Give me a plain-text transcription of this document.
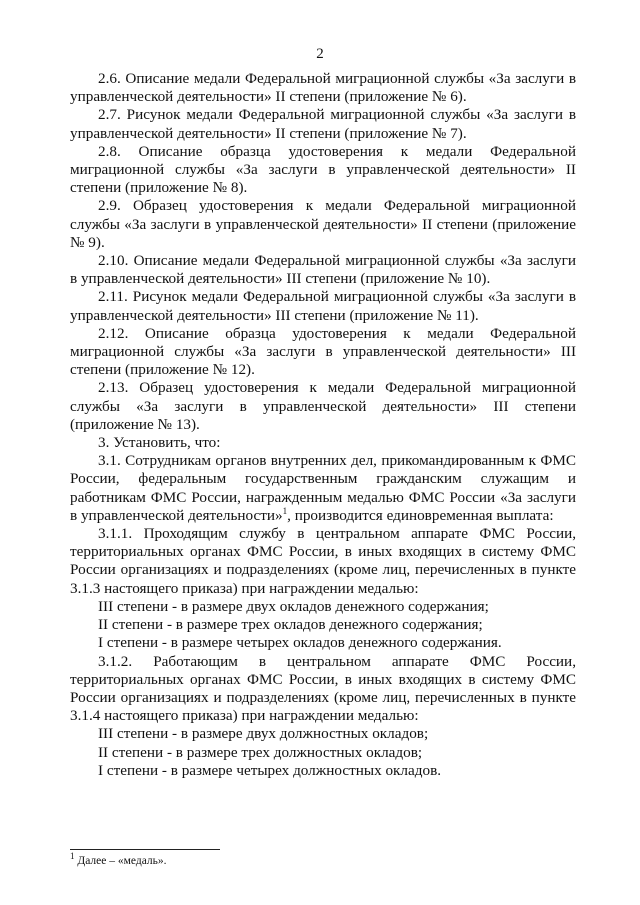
2

2.6. Описание медали Федеральной миграционной службы «За заслуги в управленческой деятельности» II степени (приложение № 6).

2.7. Рисунок медали Федеральной миграционной службы «За заслуги в управленческой деятельности» II степени (приложение № 7).

2.8. Описание образца удостоверения к медали Федеральной миграционной службы «За заслуги в управленческой деятельности» II степени (приложение № 8).

2.9. Образец удостоверения к медали Федеральной миграционной службы «За заслуги в управленческой деятельности» II степени (приложение № 9).

2.10. Описание медали Федеральной миграционной службы «За заслуги в управленческой деятельности» III степени (приложение № 10).

2.11. Рисунок медали Федеральной миграционной службы «За заслуги в управленческой деятельности» III степени (приложение № 11).

2.12. Описание образца удостоверения к медали Федеральной миграционной службы «За заслуги в управленческой деятельности» III степени (приложение № 12).

2.13. Образец удостоверения к медали Федеральной миграционной службы «За заслуги в управленческой деятельности» III степени (приложение № 13).

3. Установить, что:

3.1. Сотрудникам органов внутренних дел, прикомандированным к ФМС России, федеральным государственным гражданским служащим и работникам ФМС России, награжденным медалью ФМС России «За заслуги в управленческой деятельности»$^1$, производится единовременная выплата:

3.1.1. Проходящим службу в центральном аппарате ФМС России, территориальных органах ФМС России, в иных входящих в систему ФМС России организациях и подразделениях (кроме лиц, перечисленных в пункте 3.1.3 настоящего приказа) при награждении медалью:

III степени - в размере двух окладов денежного содержания;

II степени - в размере трех окладов денежного содержания;

I степени - в размере четырех окладов денежного содержания.

3.1.2. Работающим в центральном аппарате ФМС России, территориальных органах ФМС России, в иных входящих в систему ФМС России организациях и подразделениях (кроме лиц, перечисленных в пункте 3.1.4 настоящего приказа) при награждении медалью:

III степени - в размере двух должностных окладов;

II степени - в размере трех должностных окладов;

I степени - в размере четырех должностных окладов.

$^1$ Далее – «медаль».
